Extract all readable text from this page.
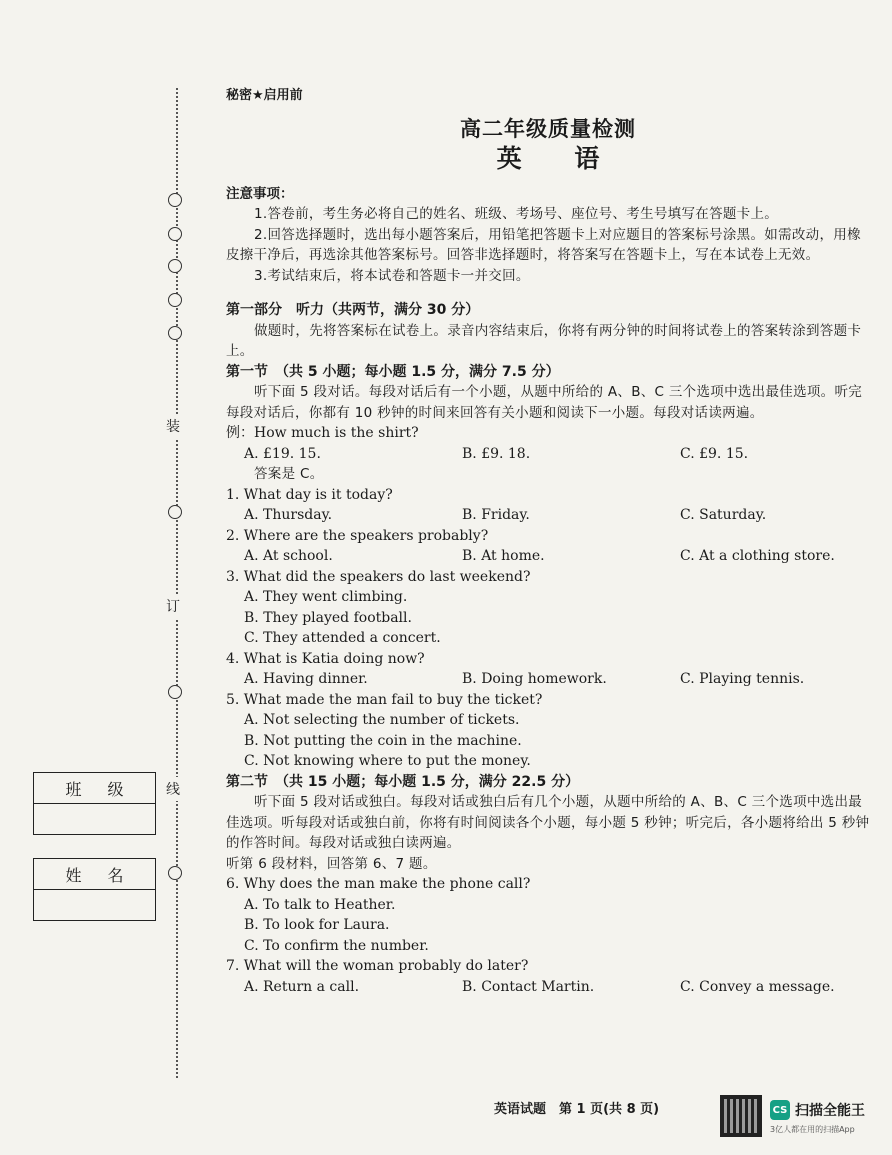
装
订
线
班级
姓名
秘密★启用前
高二年级质量检测
英 语
注意事项：
1.答卷前，考生务必将自己的姓名、班级、考场号、座位号、考生号填写在答题卡上。
2.回答选择题时，选出每小题答案后，用铅笔把答题卡上对应题目的答案标号涂黑。如需改动，用橡皮擦干净后，再选涂其他答案标号。回答非选择题时，将答案写在答题卡上，写在本试卷上无效。
3.考试结束后，将本试卷和答题卡一并交回。
第一部分　听力（共两节，满分 30 分）
做题时，先将答案标在试卷上。录音内容结束后，你将有两分钟的时间将试卷上的答案转涂到答题卡上。
第一节　（共 5 小题；每小题 1.5 分，满分 7.5 分）
听下面 5 段对话。每段对话后有一个小题，从题中所给的 A、B、C 三个选项中选出最佳选项。听完每段对话后，你都有 10 秒钟的时间来回答有关小题和阅读下一小题。每段对话读两遍。
例：How much is the shirt?
A. £19. 15.	B. £9. 18.	C. £9. 15.
答案是 C。
1. What day is it today?
A. Thursday.	B. Friday.	C. Saturday.
2. Where are the speakers probably?
A. At school.	B. At home.	C. At a clothing store.
3. What did the speakers do last weekend?
A. They went climbing.
B. They played football.
C. They attended a concert.
4. What is Katia doing now?
A. Having dinner.	B. Doing homework.	C. Playing tennis.
5. What made the man fail to buy the ticket?
A. Not selecting the number of tickets.
B. Not putting the coin in the machine.
C. Not knowing where to put the money.
第二节　（共 15 小题；每小题 1.5 分，满分 22.5 分）
听下面 5 段对话或独白。每段对话或独白后有几个小题，从题中所给的 A、B、C 三个选项中选出最佳选项。听每段对话或独白前，你将有时间阅读各个小题，每小题 5 秒钟；听完后，各小题将给出 5 秒钟的作答时间。每段对话或独白读两遍。
听第 6 段材料，回答第 6、7 题。
6. Why does the man make the phone call?
A. To talk to Heather.
B. To look for Laura.
C. To confirm the number.
7. What will the woman probably do later?
A. Return a call.	B. Contact Martin.	C. Convey a message.
英语试题　第 1 页(共 8 页)	CS 扫描全能王
3亿人都在用的扫描App
